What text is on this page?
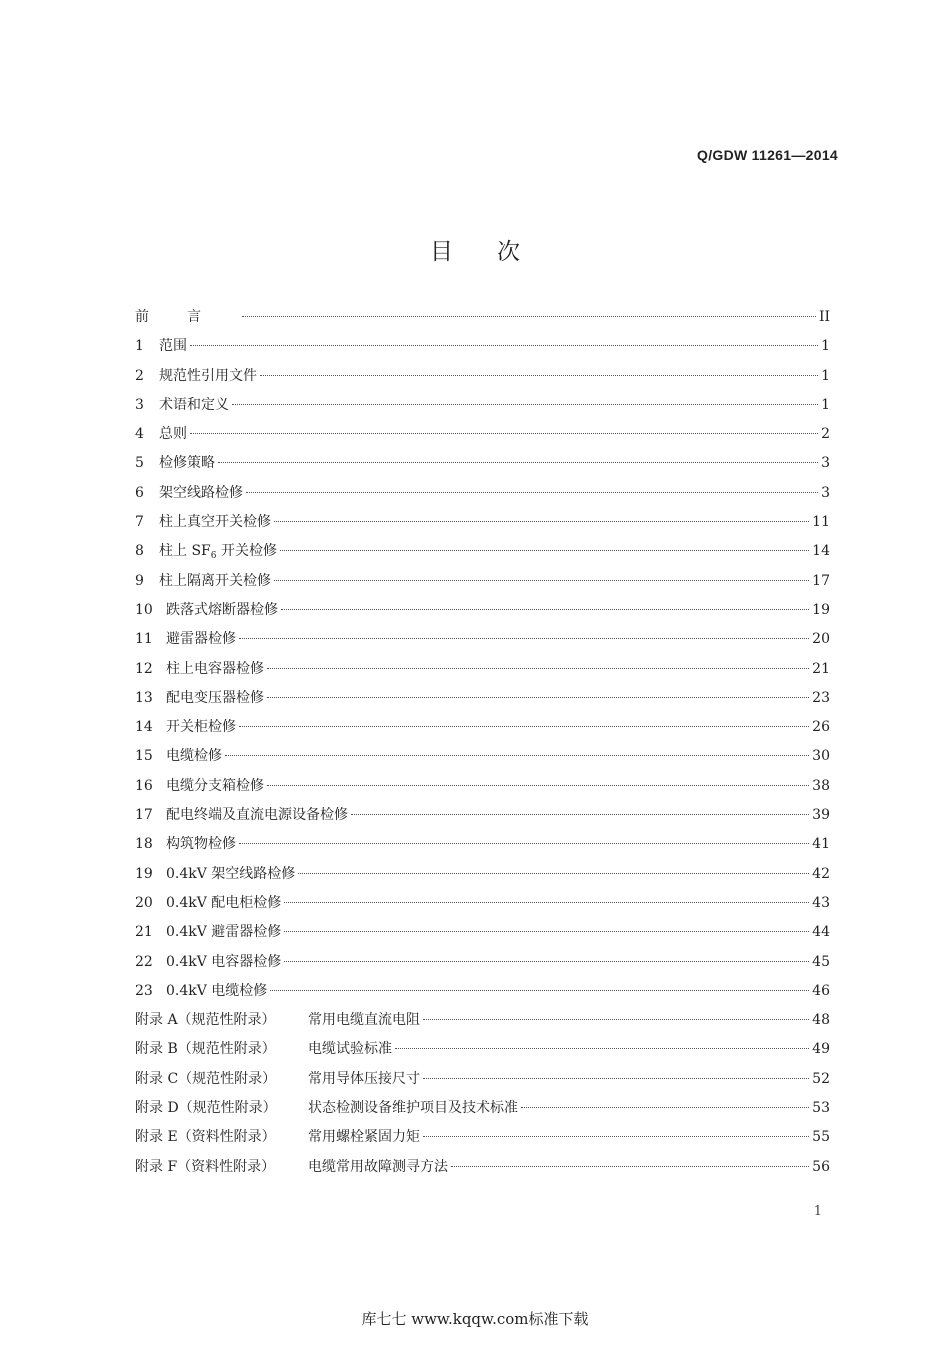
Q/GDW 11261—2014
目次
前言	II
1	范围	1
2	规范性引用文件	1
3	术语和定义	1
4	总则	2
5	检修策略	3
6	架空线路检修	3
7	柱上真空开关检修	11
8	柱上 $SF_6$ 开关检修	14
9	柱上隔离开关检修	17
10 跌落式熔断器检修	19
11 避雷器检修	20
12 柱上电容器检修	21
13 配电变压器检修	23
14 开关柜检修	26
15 电缆检修	30
16 电缆分支箱检修	38
17 配电终端及直流电源设备检修	39
18 构筑物检修	41
19 0.4kV 架空线路检修	42
20 0.4kV 配电柜检修	43
21 0.4kV 避雷器检修	44
22 0.4kV 电容器检修	45
23 0.4kV 电缆检修	46
附录 A（规范性附录）	常用电缆直流电阻	48
附录 B（规范性附录）	电缆试验标准	49
附录 C（规范性附录）	常用导体压接尺寸	52
附录 D（规范性附录）	状态检测设备维护项目及技术标准	53
附录 E（资料性附录）	常用螺栓紧固力矩	55
附录 F（资料性附录）	电缆常用故障测寻方法	56
1
库七七 www.kqqw.com标准下载
